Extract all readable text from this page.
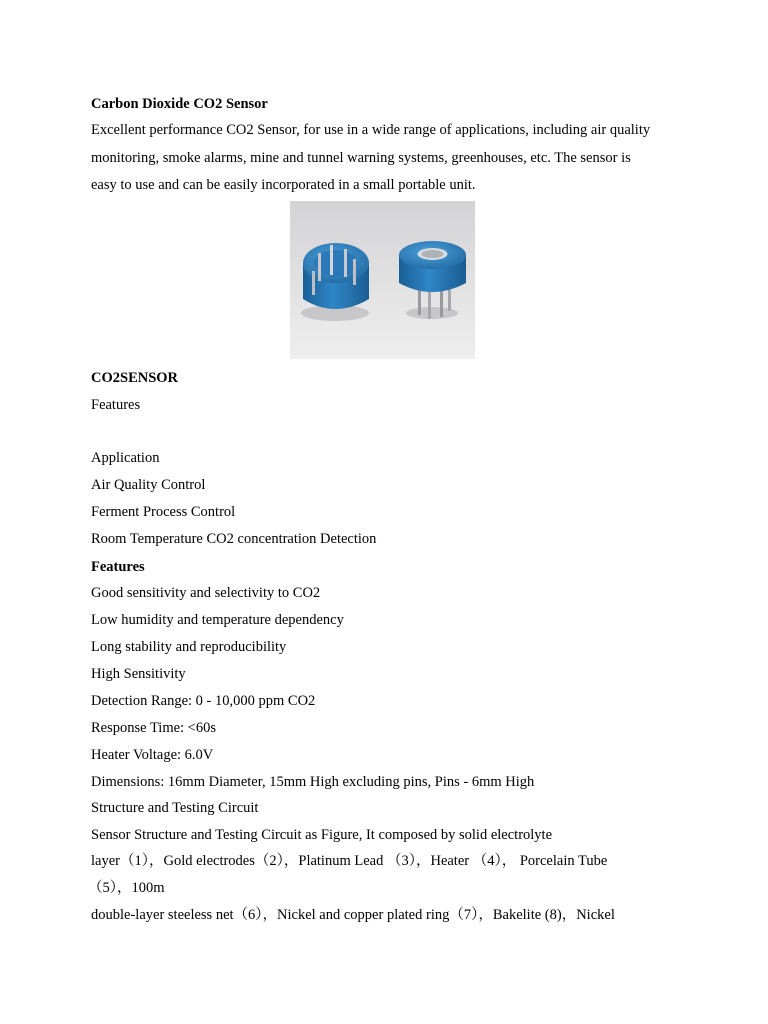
Carbon Dioxide CO2 Sensor
Excellent performance CO2 Sensor, for use in a wide range of applications, including air quality
monitoring, smoke alarms, mine and tunnel warning systems, greenhouses, etc. The sensor is
easy to use and can be easily incorporated in a small portable unit.
CO2SENSOR
Features
Application
Air Quality Control
Ferment Process Control
Room Temperature CO2 concentration Detection
Features
Good sensitivity and selectivity to CO2
Low humidity and temperature dependency
Long stability and reproducibility
High Sensitivity
Detection Range: 0 - 10,000 ppm CO2
Response Time: <60s
Heater Voltage: 6.0V
Dimensions: 16mm Diameter, 15mm High excluding pins, Pins - 6mm High
Structure and Testing Circuit
Sensor Structure and Testing Circuit as Figure, It composed by solid electrolyte
layer（1），Gold electrodes（2），Platinum Lead （3），Heater （4）， Porcelain Tube
（5），100m
double-layer steeless net（6），Nickel and copper plated ring（7），Bakelite (8)，Nickel
